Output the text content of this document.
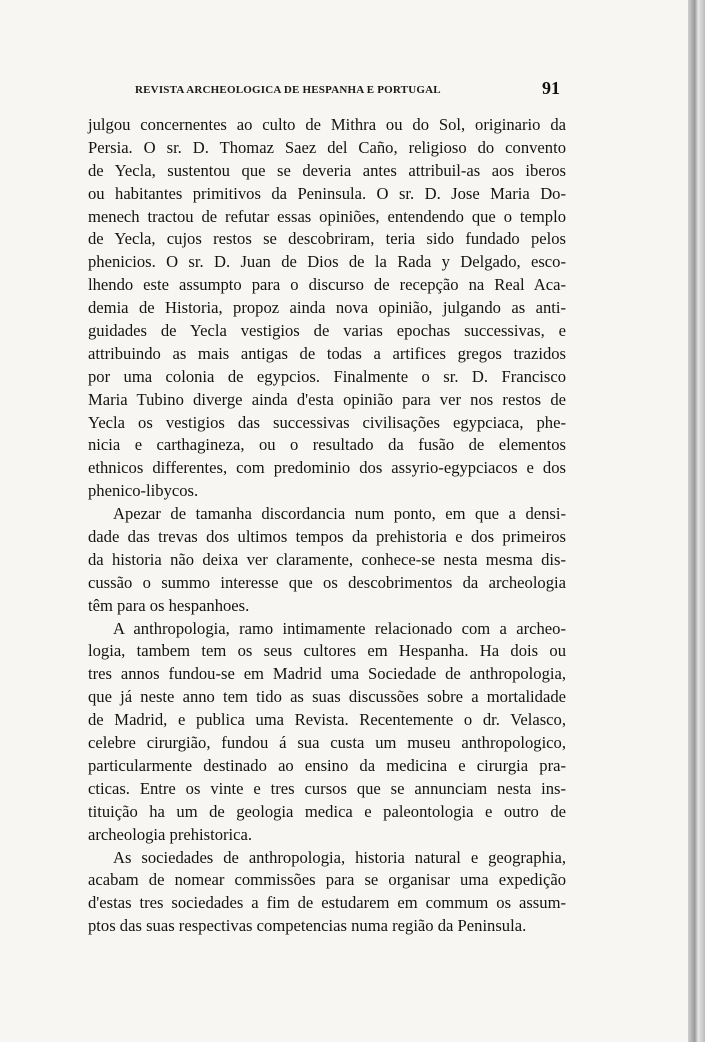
REVISTA ARCHEOLOGICA DE HESPANHA E PORTUGAL	91
julgou concernentes ao culto de Mithra ou do Sol, originario da
Persia. O sr. D. Thomaz Saez del Caño, religioso do convento
de Yecla, sustentou que se deveria antes attribuil-as aos iberos
ou habitantes primitivos da Peninsula. O sr. D. Jose Maria Do-
menech tractou de refutar essas opiniões, entendendo que o templo
de Yecla, cujos restos se descobriram, teria sido fundado pelos
phenicios. O sr. D. Juan de Dios de la Rada y Delgado, esco-
lhendo este assumpto para o discurso de recepção na Real Aca-
demia de Historia, propoz ainda nova opinião, julgando as anti-
guidades de Yecla vestigios de varias epochas successivas, e
attribuindo as mais antigas de todas a artifices gregos trazidos
por uma colonia de egypcios. Finalmente o sr. D. Francisco
Maria Tubino diverge ainda d'esta opinião para ver nos restos de
Yecla os vestigios das successivas civilisações egypciaca, phe-
nicia e carthagineza, ou o resultado da fusão de elementos
ethnicos differentes, com predominio dos assyrio-egypciacos e dos
phenico-libycos.
Apezar de tamanha discordancia num ponto, em que a densi-
dade das trevas dos ultimos tempos da prehistoria e dos primeiros
da historia não deixa ver claramente, conhece-se nesta mesma dis-
cussão o summo interesse que os descobrimentos da archeologia
têm para os hespanhoes.
A anthropologia, ramo intimamente relacionado com a archeo-
logia, tambem tem os seus cultores em Hespanha. Ha dois ou
tres annos fundou-se em Madrid uma Sociedade de anthropologia,
que já neste anno tem tido as suas discussões sobre a mortalidade
de Madrid, e publica uma Revista. Recentemente o dr. Velasco,
celebre cirurgião, fundou á sua custa um museu anthropologico,
particularmente destinado ao ensino da medicina e cirurgia pra-
cticas. Entre os vinte e tres cursos que se annunciam nesta ins-
tituição ha um de geologia medica e paleontologia e outro de
archeologia prehistorica.
As sociedades de anthropologia, historia natural e geographia,
acabam de nomear commissões para se organisar uma expedição
d'estas tres sociedades a fim de estudarem em commum os assum-
ptos das suas respectivas competencias numa região da Peninsula.
